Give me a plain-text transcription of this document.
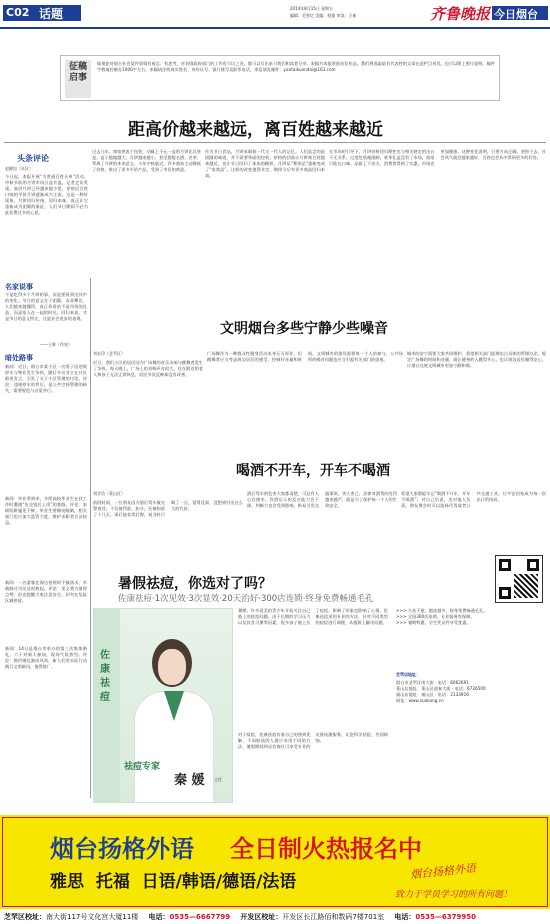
C02 话题	2014年8月15日 星期五
编辑：毛智忆 美编：倪俊 审读：王新	齐鲁晚报 今日烟台
征稿启事
如果您对烟台社会某件事情有观点、有思考，对各级政府部门的工作有可议之处，都可以写出来与我们和读者分享。来稿为本报原创首发作品，我们将选取最有代表性的文章在此栏目刊发。也可以附上照片说明。稿件字数请控制在1000字左右。来稿请注明真实姓名、身份证号、银行账号及联系电话，来信请发邮件：yantaikuandai@163.com
距高价越来越远，离百姓越来越近
头条评论
赵健男（社区）
今日起，本报开展“为普通百姓买单”活动。中秋节前的月饼市场日益升温，记者走访发现，高价月饼已经越来越少见，更贴近百姓口味的平价月饼逐渐成为主流。这是一种好现象，月饼回归传统，回归本味，真正让它重新成为团圆的象征，人们节日期间不必为此花费过多的心思。
过去几年，商家热衷于包装，动辄上千元一盒的月饼比比皆是，盒子越做越大，月饼越来越小，甚至搭配名酒、名茶，背离了月饼的本来意义。今年中秋临近，许多商家主动降低了价格，推出了更多平价产品，受到了市民的欢迎。
作为节日食品，月饼承载着一代又一代人的记忆。人们品尝的是团圆的味道，并不需要华丽的包装。价格的回落让月饼离百姓越来越近，也让节日回归了本来的模样，月饼从“奢侈品”重新变成了“家常品”。这样的改变值得肯定，期待今后有更多商品回归本真。
在市场的引导下，月饼价格回归理性也与相关规定的出台不无关系。过度包装被限制，豪华礼盒没有了市场，商家只能在口味、品质上下功夫。消费者得到了实惠，市场也更加健康。这种变化说明，只要方向正确，坚持下去，社会风气就会越来越好，百姓也会从中得到更多的好处。
名家说事
不是吃得多个月饼的事，而是要看到这其中的变化。节日的意义在于团圆，而非攀比，人们越来越懂得，真正珍贵的不是昂贵的礼品，而是家人在一起的时光。回归本真，才是节日的意义所在，这是社会进步的表现。
——王辉（作家）
暗处路事
新闻：近日，烟台市某小区一名男子因违规停车与物业发生争执，随后多名业主在社区群里发言，引发了关于小区管理的讨论。评论：违规停车的背后，是公共空间管理的缺失，需要规范与自觉并行。
新闻：毕业季到来，多所高校毕业生在找工作时遭遇“先交钱后上岗”的套路。评论：求职陷阱屡见不鲜，毕业生要擦亮眼睛，相关部门也应加大监管力度，维护求职者合法权益。
新闻：一名游客在海边拍照时不慎落水，幸被路过市民及时救起。评论：见义勇为值得点赞，但也提醒大家注意安全，切勿在危险区域停留。
新闻：14日是烟台市举办的第三次集体婚礼，六十对新人参加，现场气氛热烈。评论：简约婚礼渐成风尚，新人们用实际行动践行文明新风，值得推广。
文明烟台多些宁静少些噪音
刘长印（芝罘区）
近日，我们小区的居民因为广场舞的音乐太响与跳舞者发生了争执。每天晚上，广场上的音响声音很大，住在附近的老人和孩子无法正常休息，居民多次反映却没有改善。
广场舞作为一种群众性健身活动本身无可厚非，但跳舞者应当考虑周边居民的感受，控制好音量和时间。文明城市的建设需要每一个人的参与，公共场所的噪音问题也应当引起有关部门的重视。
城市的安宁需要大家共同维护。希望相关部门能够出台具体的管理办法，规定广场舞的时间和音量，既让健身的人跳得开心，也让周边居民睡得安心，让烟台这座文明城市更加宁静和谐。
喝酒不开车，开车不喝酒
刘学功（莱山区）
前段时间，一位朋友因为酒后驾车被交警查处，不仅被罚款、扣分，还被拘留了十几天。事后他非常后悔，说当时只喝了一点，觉得没事，没想到付出这么大的代价。
酒后驾车的危害大家都清楚，可总有人心存侥幸。饮酒后人的反应能力会下降，判断力也会受到影响，极易引发交通事故，害人害己。法律对酒驾的处罚越来越严，就是为了保护每一个人的生命安全。
希望大家都能牢记“喝酒不开车，开车不喝酒”，对自己负责，也对他人负责。朋友聚会时可以选择代驾或者公共交通工具，让平安回家成为每一次出行的结局。
暑假祛痘，你选对了吗？
佐康祛痘·1次见效·3次显效·20天治好·300店连锁·终身免费畅通毛孔
佐康祛痘
祛痘专家
秦 媛 主任
暑期，许多爱美的青少年开始关注自己脸上的痘痘问题。由于长期的学习压力以及饮食习惯等因素，很多孩子脸上长了痘痘，影响了形象也影响了心情。佐康祛痘采用专业的方法，针对不同类型的痘痘进行调理，从根源上解决问题。
对于痘痘，佐康祛痘有着自己的独到见解，不同肤质的人群应采用不同的方法，暑假期间到店咨询还可享受专业的皮肤检测服务，让您科学祛痘，告别烦恼。
>>> 久祛不愈，越祛越多，终身免费畅通毛孔。
>>> 全国300店连锁，专业服务有保障。
>>> 暑期特惠，学生凭证件享受优惠。
芝罘店地址：
烟台市芝罘区南大街 · 电话：6062691
莱山店地址：莱山区迎春大街 · 电话：6726500
福山店地址：福山区 · 电话：2133916
网址：www.zuokang.cn
烟台扬格外语 全日制火热报名中
雅思  托福  日语/韩语/德语/法语
烟台扬格外语
致力于学员学习的所有问题！
芝罘区校址：南大街117号文化宫大厦11楼 电话：0535—6667799 开发区校址：开发区长江路佰和数码7楼701室 电话：0535—6379950
